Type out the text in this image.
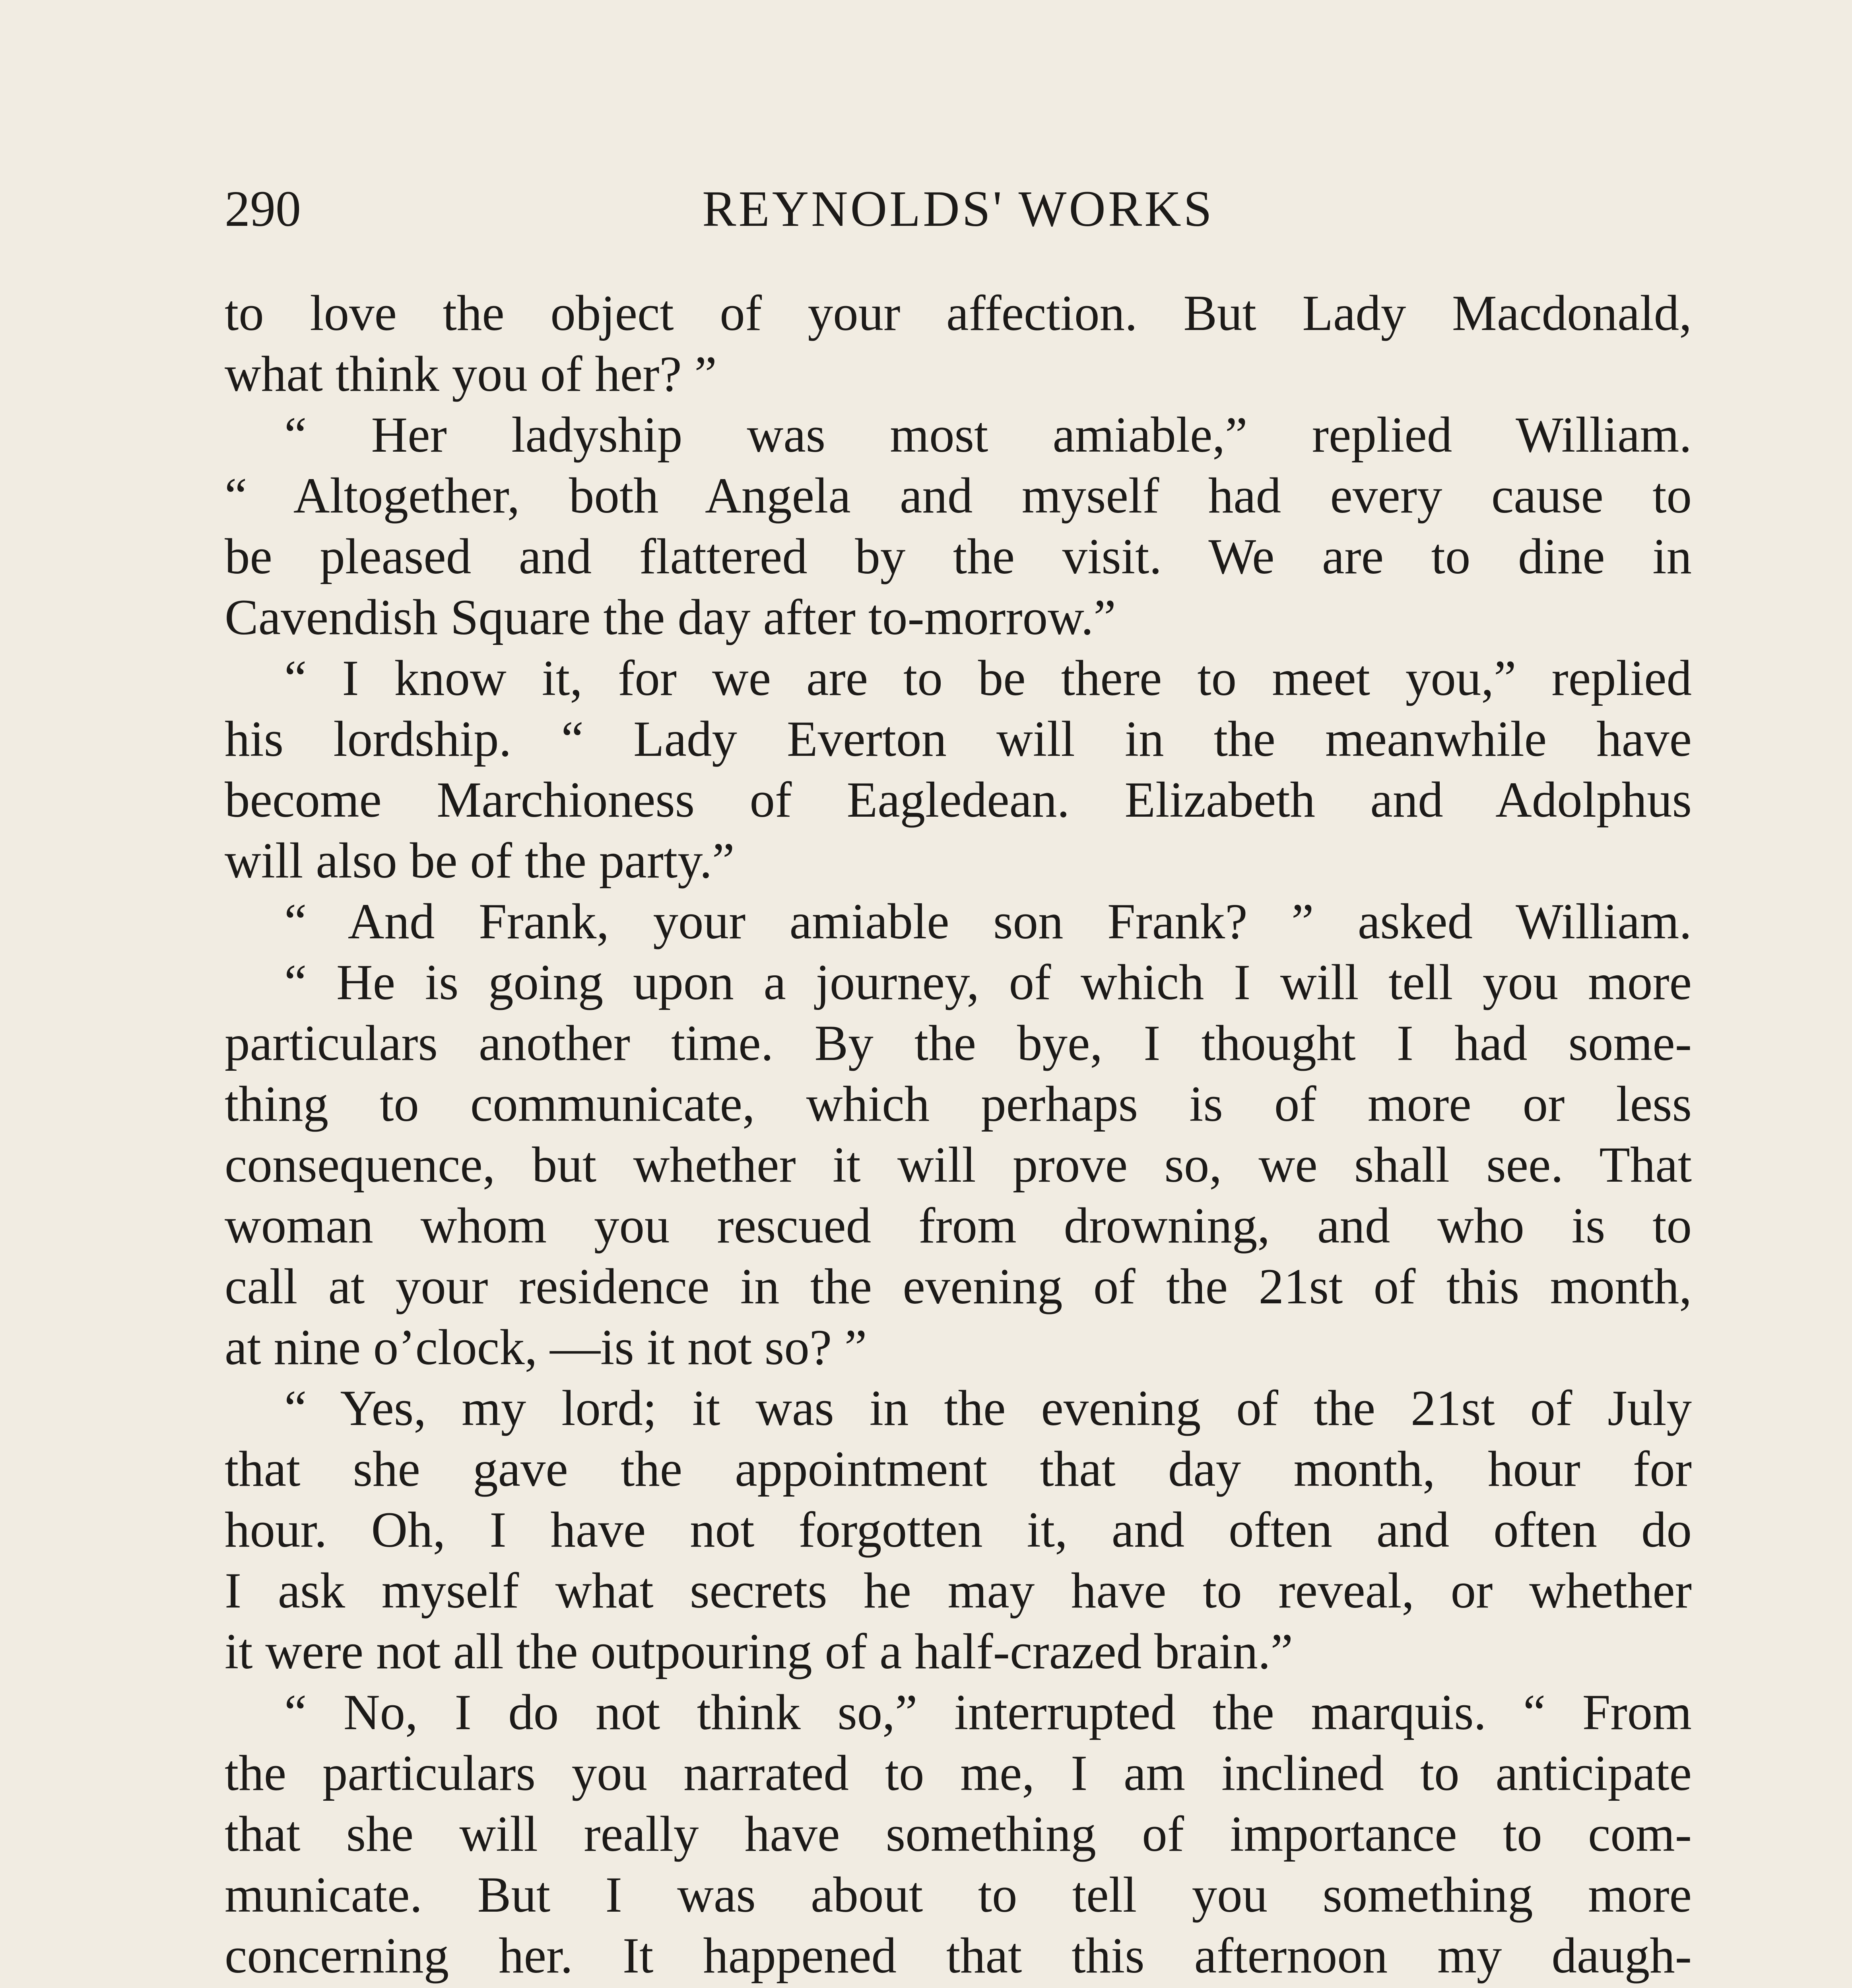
290	REYNOLDS' WORKS
to love the object of your affection. But Lady Macdonald,
what think you of her? ”
“ Her ladyship was most amiable,” replied William.
“ Altogether, both Angela and myself had every cause to
be pleased and flattered by the visit. We are to dine in
Cavendish Square the day after to-morrow.”
“ I know it, for we are to be there to meet you,” replied
his lordship. “ Lady Everton will in the meanwhile have
become Marchioness of Eagledean. Elizabeth and Adolphus
will also be of the party.”
“ And Frank, your amiable son Frank? ” asked William.
“ He is going upon a journey, of which I will tell you more
particulars another time. By the bye, I thought I had some-
thing to communicate, which perhaps is of more or less
consequence, but whether it will prove so, we shall see. That
woman whom you rescued from drowning, and who is to
call at your residence in the evening of the 21st of this month,
at nine o’clock, —is it not so? ”
“ Yes, my lord; it was in the evening of the 21st of July
that she gave the appointment that day month, hour for
hour. Oh, I have not forgotten it, and often and often do
I ask myself what secrets he may have to reveal, or whether
it were not all the outpouring of a half-crazed brain.”
“ No, I do not think so,” interrupted the marquis. “ From
the particulars you narrated to me, I am inclined to anticipate
that she will really have something of importance to com-
municate. But I was about to tell you something more
concerning her. It happened that this afternoon my daugh-
